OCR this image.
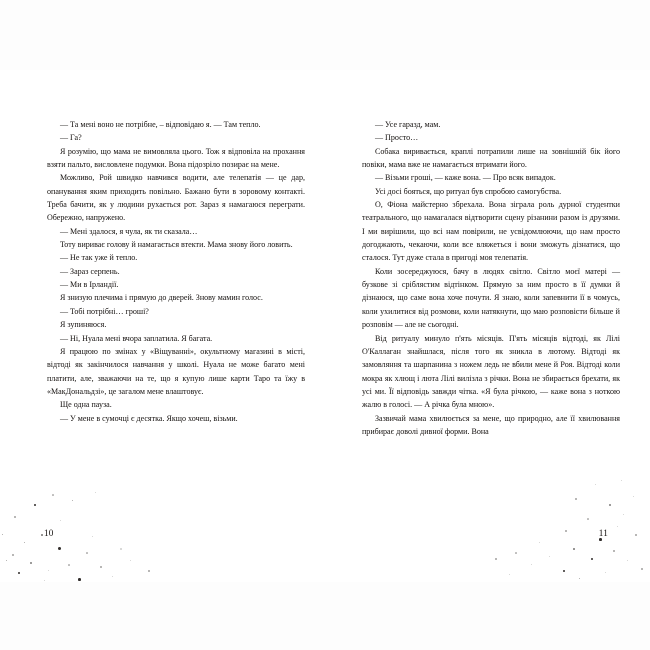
— Та мені воно не потрібне, – відповідаю я. — Там тепло.

— Га?

Я розумію, що мама не вимовляла цього. Тож я відповіла на прохання взяти пальто, висловлене подумки. Вона підозріло позирає на мене.

Можливо, Рой швидко навчився водити, але телепатія — це дар, опанування яким приходить повільно. Бажано бути в зоровому контакті. Треба бачити, як у людини рухається рот. Зараз я намагаюся переграти. Обережно, напружено.

— Мені здалося, я чула, як ти сказала…

Тоту вириває голову й намагається втекти. Мама знову його ловить.

— Не так уже й тепло.

— Зараз серпень.

— Ми в Ірландії.

Я знизую плечима і прямую до дверей. Знову мамин голос.

— Тобі потрібні… гроші?

Я зупиняюся.

— Ні, Нуала мені вчора заплатила. Я багата.

Я працюю по змінах у «Віщуванні», окультному магазині в місті, відтоді як закінчилося навчання у школі. Нуала не може багато мені платити, але, зважаючи на те, що я купую лише карти Таро та їжу в «МакДональдзі», це загалом мене влаштовує.

Ще одна пауза.

— У мене в сумочці є десятка. Якщо хочеш, візьми.

10

— Усе гаразд, мам.

— Просто…

Собака виривається, краплі потрапили лише на зовнішній бік його повіки, мама вже не намагається втримати його.

— Візьми гроші, — каже вона. — Про всяк випадок.

Усі досі бояться, що ритуал був спробою самогубства.

О, Фіона майстерно збрехала. Вона зіграла роль дурної студентки театрального, що намагалася відтворити сцену різанини разом із друзями. І ми вирішили, що всі нам повірили, не усвідомлюючи, що нам просто догоджають, чекаючи, коли все вляжеться і вони зможуть дізнатися, що сталося. Тут дуже стала в пригоді моя телепатія.

Коли зосереджуюся, бачу в людях світло. Світло моєї матері — бузкове зі сріблястим відтінком. Прямую за ним просто в її думки й дізнаюся, що саме вона хоче почути. Я знаю, коли запевнити її в чомусь, коли ухилитися від розмови, коли натякнути, що маю розповісти більше й розповім — але не сьогодні.

Від ритуалу минуло п'ять місяців. П'ять місяців відтоді, як Лілі О'Каллаган знайшлася, після того як зникла в лютому. Відтоді як замовляння та шарпанина з ножем ледь не вбили мене й Роя. Відтоді коли мокра як хлющ і люта Лілі вилізла з річки. Вона не збирається брехати, як усі ми. Її відповідь завжди чітка. «Я була річкою, — каже вона з ноткою жалю в голосі. — А річка була мною».

Зазвичай мама хвилюється за мене, що природно, але її хвилювання прибирає доволі дивної форми. Вона

11
